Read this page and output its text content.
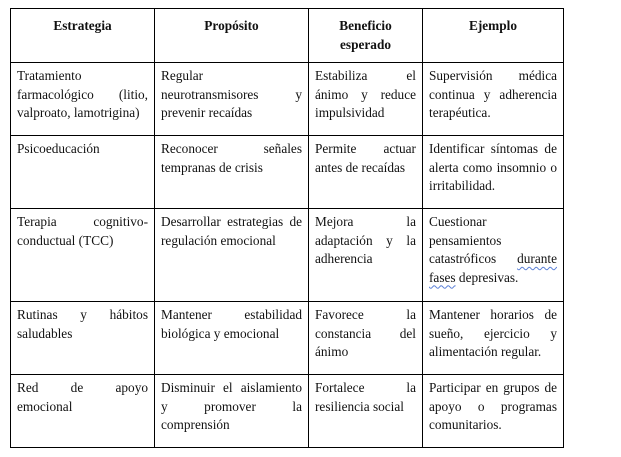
Estrategia	Propósito	Beneficio esperado	Ejemplo
Tratamiento farmacológico (litio, valproato, lamotrigina)	Regular neurotransmisores y prevenir recaídas	Estabiliza el ánimo y reduce impulsividad	Supervisión médica continua y adherencia terapéutica.
Psicoeducación	Reconocer señales tempranas de crisis	Permite actuar antes de recaídas	Identificar síntomas de alerta como insomnio o irritabilidad.
Terapia cognitivo-conductual (TCC)	Desarrollar estrategias de regulación emocional	Mejora la adaptación y la adherencia	Cuestionar pensamientos catastróficos durante fases depresivas.
Rutinas y hábitos saludables	Mantener estabilidad biológica y emocional	Favorece la constancia del ánimo	Mantener horarios de sueño, ejercicio y alimentación regular.
Red de apoyo emocional	Disminuir el aislamiento y promover la comprensión	Fortalece la resiliencia social	Participar en grupos de apoyo o programas comunitarios.
